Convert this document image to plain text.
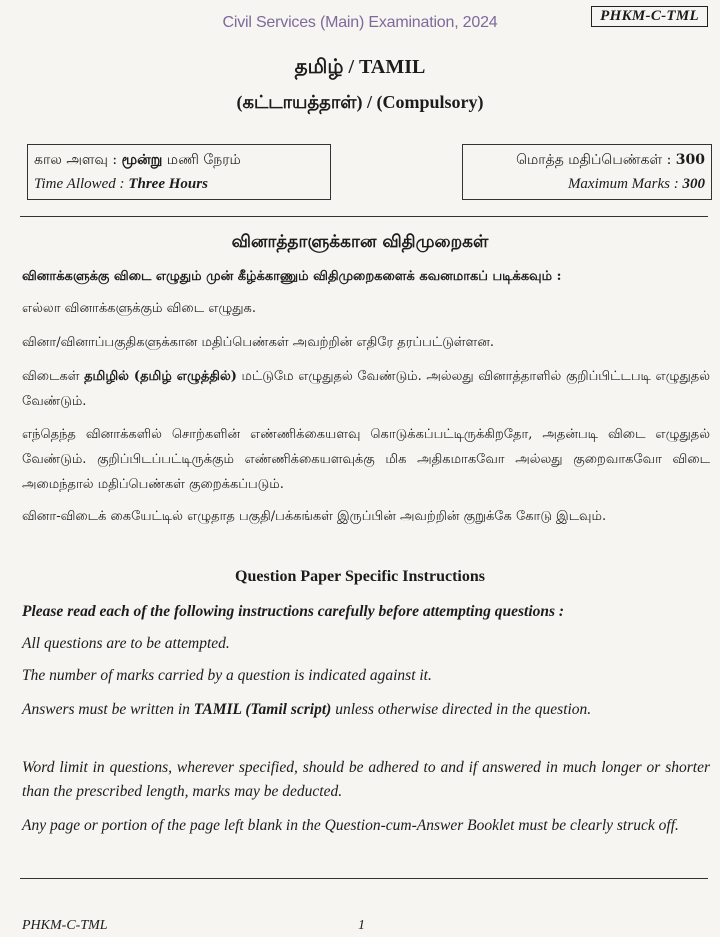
Civil Services (Main) Examination, 2024	PHKM-C-TML
தமிழ் / TAMIL
(கட்டாயத்தாள்) / (Compulsory)
கால அளவு : மூன்று மணி நேரம்
Time Allowed : Three Hours
மொத்த மதிப்பெண்கள் : 300
Maximum Marks : 300
வினாத்தாளுக்கான விதிமுறைகள்
வினாக்களுக்கு விடை எழுதும் முன் கீழ்க்காணும் விதிமுறைகளைக் கவனமாகப் படிக்கவும் :
எல்லா வினாக்களுக்கும் விடை எழுதுக.
வினா/வினாப்பகுதிகளுக்கான மதிப்பெண்கள் அவற்றின் எதிரே தரப்பட்டுள்ளன.
விடைகள் தமிழில் (தமிழ் எழுத்தில்) மட்டுமே எழுதுதல் வேண்டும். அல்லது வினாத்தாளில் குறிப்பிட்டபடி எழுதுதல் வேண்டும்.
எந்தெந்த வினாக்களில் சொற்களின் எண்ணிக்கையளவு கொடுக்கப்பட்டிருக்கிறதோ, அதன்படி விடை எழுதுதல் வேண்டும். குறிப்பிடப்பட்டிருக்கும் எண்ணிக்கையளவுக்கு மிக அதிகமாகவோ அல்லது குறைவாகவோ விடை அமைந்தால் மதிப்பெண்கள் குறைக்கப்படும்.
வினா-விடைக் கையேட்டில் எழுதாத பகுதி/பக்கங்கள் இருப்பின் அவற்றின் குறுக்கே கோடு இடவும்.
Question Paper Specific Instructions
Please read each of the following instructions carefully before attempting questions :
All questions are to be attempted.
The number of marks carried by a question is indicated against it.
Answers must be written in TAMIL (Tamil script) unless otherwise directed in the question.
Word limit in questions, wherever specified, should be adhered to and if answered in much longer or shorter than the prescribed length, marks may be deducted.
Any page or portion of the page left blank in the Question-cum-Answer Booklet must be clearly struck off.
PHKM-C-TML	1
